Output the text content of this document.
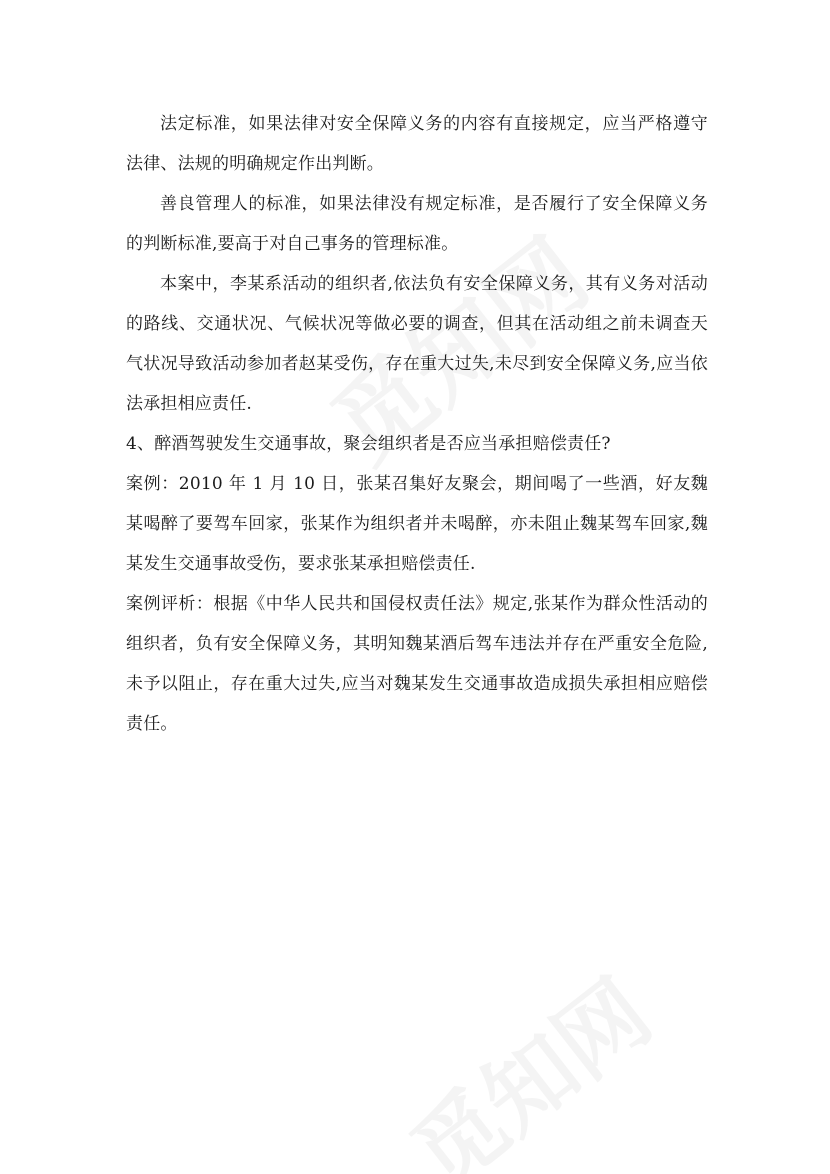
法定标准，如果法律对安全保障义务的内容有直接规定，应当严格遵守法律、法规的明确规定作出判断。

善良管理人的标准，如果法律没有规定标准，是否履行了安全保障义务的判断标准,要高于对自己事务的管理标准。

本案中，李某系活动的组织者,依法负有安全保障义务，其有义务对活动的路线、交通状况、气候状况等做必要的调查，但其在活动组之前未调查天气状况导致活动参加者赵某受伤，存在重大过失,未尽到安全保障义务,应当依法承担相应责任.

4、醉酒驾驶发生交通事故，聚会组织者是否应当承担赔偿责任?

案例：2010 年 1 月 10 日，张某召集好友聚会，期间喝了一些酒，好友魏某喝醉了要驾车回家，张某作为组织者并未喝醉，亦未阻止魏某驾车回家,魏某发生交通事故受伤，要求张某承担赔偿责任.

案例评析：根据《中华人民共和国侵权责任法》规定,张某作为群众性活动的组织者，负有安全保障义务，其明知魏某酒后驾车违法并存在严重安全危险,未予以阻止，存在重大过失,应当对魏某发生交通事故造成损失承担相应赔偿责任。
